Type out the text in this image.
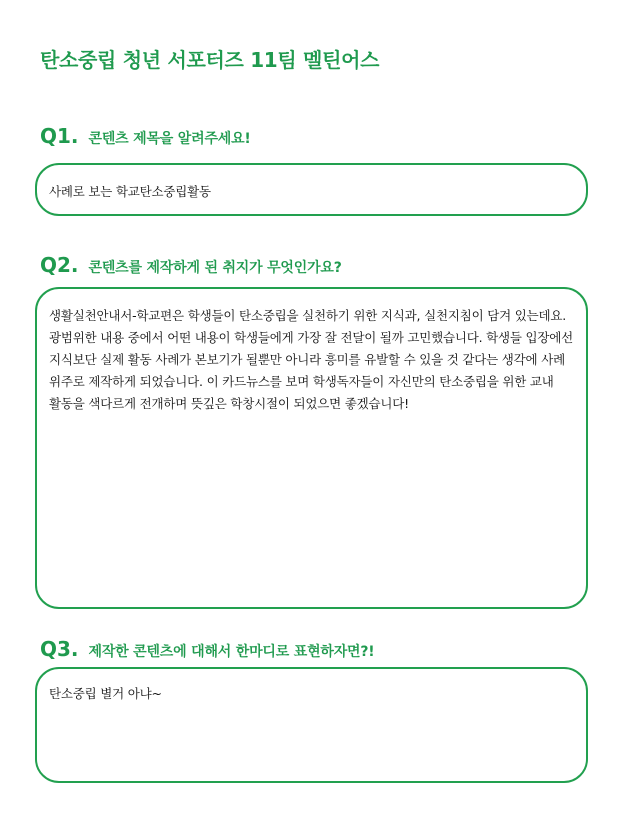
탄소중립 청년 서포터즈 11팀 멜틴어스
Q1. 콘텐츠 제목을 알려주세요!
사례로 보는 학교탄소중립활동
Q2. 콘텐츠를 제작하게 된 취지가 무엇인가요?
생활실천안내서-학교편은 학생들이 탄소중립을 실천하기 위한 지식과, 실천지침이 담겨 있는데요. 광범위한 내용 중에서 어떤 내용이 학생들에게 가장 잘 전달이 될까 고민했습니다. 학생들 입장에선 지식보단 실제 활동 사례가 본보기가 될뿐만 아니라 흥미를 유발할 수 있을 것 같다는 생각에 사례 위주로 제작하게 되었습니다. 이 카드뉴스를 보며 학생독자들이 자신만의 탄소중립을 위한 교내 활동을 색다르게 전개하며 뜻깊은 학창시절이 되었으면 좋겠습니다!
Q3. 제작한 콘텐츠에 대해서 한마디로 표현하자면?!
탄소중립 별거 아냐~
